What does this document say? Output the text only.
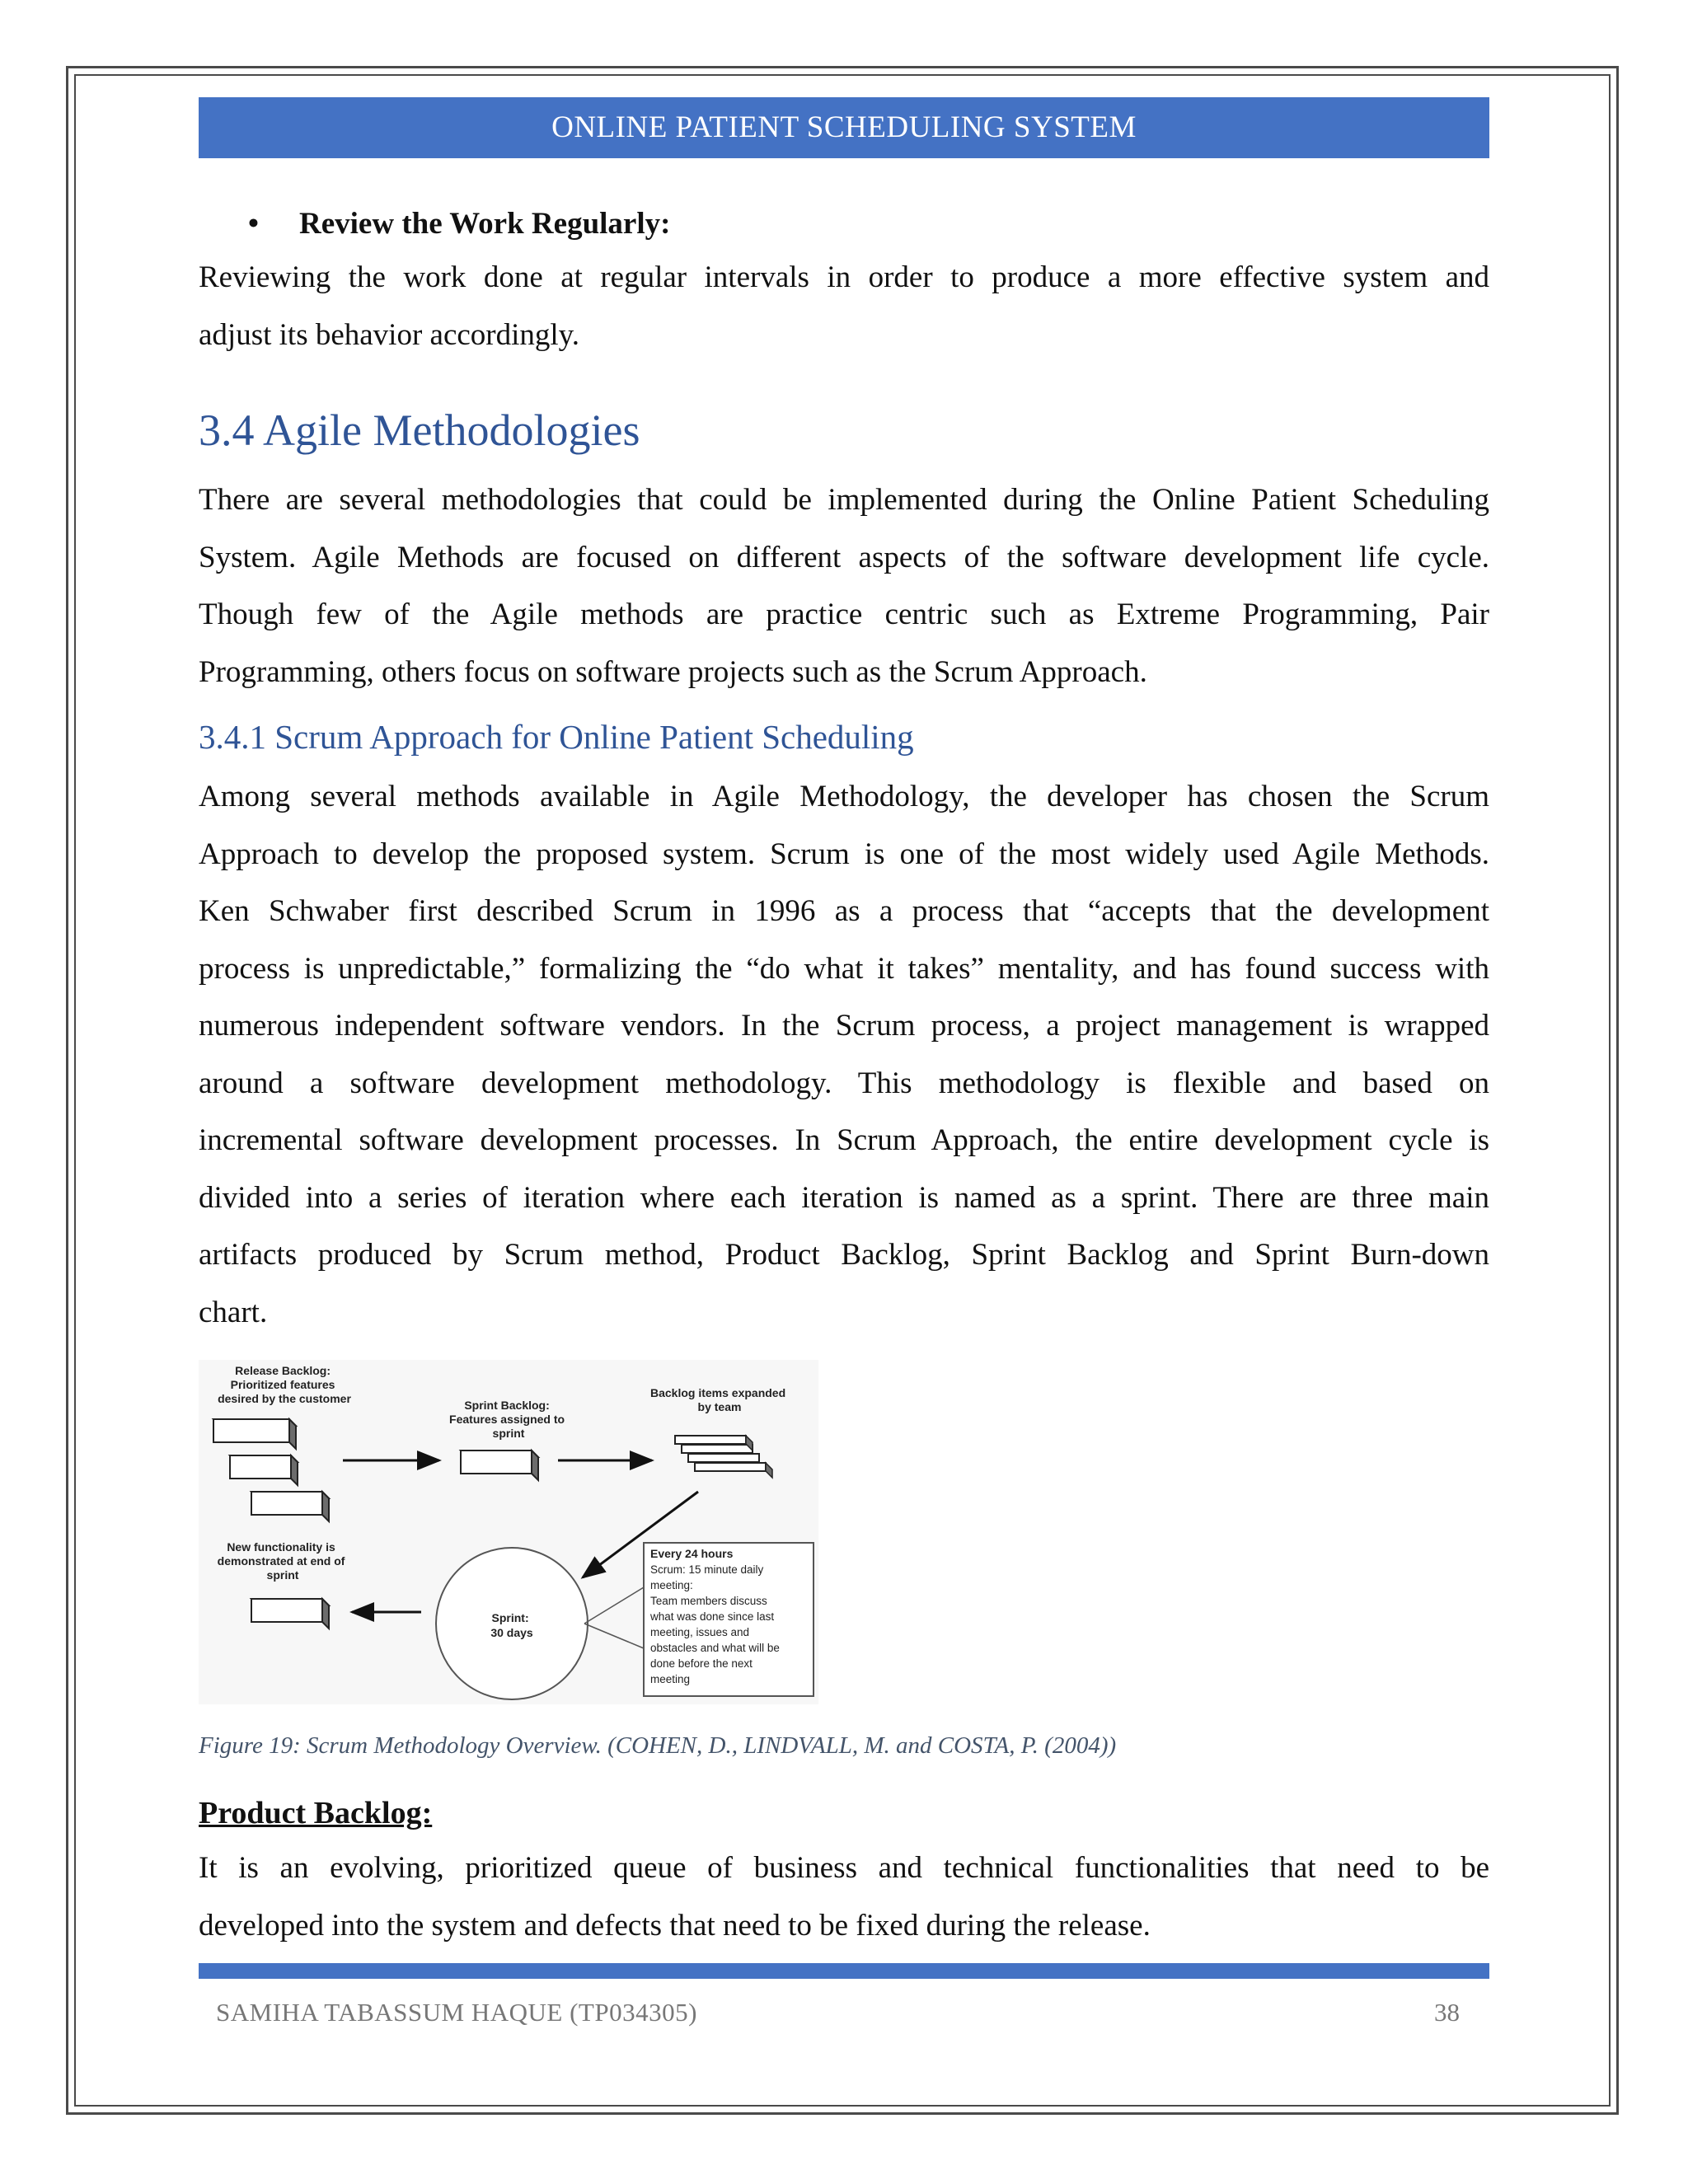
ONLINE PATIENT SCHEDULING SYSTEM
• Review the Work Regularly:

Reviewing the work done at regular intervals in order to produce a more effective system and
adjust its behavior accordingly.

3.4 Agile Methodologies

There are several methodologies that could be implemented during the Online Patient Scheduling
System. Agile Methods are focused on different aspects of the software development life cycle.
Though few of the Agile methods are practice centric such as Extreme Programming, Pair
Programming, others focus on software projects such as the Scrum Approach.

3.4.1 Scrum Approach for Online Patient Scheduling

Among several methods available in Agile Methodology, the developer has chosen the Scrum
Approach to develop the proposed system. Scrum is one of the most widely used Agile Methods.
Ken Schwaber first described Scrum in 1996 as a process that “accepts that the development
process is unpredictable,” formalizing the “do what it takes” mentality, and has found success with
numerous independent software vendors. In the Scrum process, a project management is wrapped
around a software development methodology. This methodology is flexible and based on
incremental software development processes. In Scrum Approach, the entire development cycle is
divided into a series of iteration where each iteration is named as a sprint. There are three main
artifacts produced by Scrum method, Product Backlog, Sprint Backlog and Sprint Burn-down
chart.

Release Backlog: Prioritized features desired by the customer	Sprint Backlog: Features assigned to sprint
Backlog items expanded by team
New functionality is demonstrated at end of sprint
Sprint: 30 days
Every 24 hours
Scrum: 15 minute daily meeting: Team members discuss what was done since last meeting, issues and obstacles and what will be done before the next meeting
Figure 19: Scrum Methodology Overview. (COHEN, D., LINDVALL, M. and COSTA, P. (2004))
Product Backlog:

It is an evolving, prioritized queue of business and technical functionalities that need to be
developed into the system and defects that need to be fixed during the release.

SAMIHA TABASSUM HAQUE (TP034305)	38
